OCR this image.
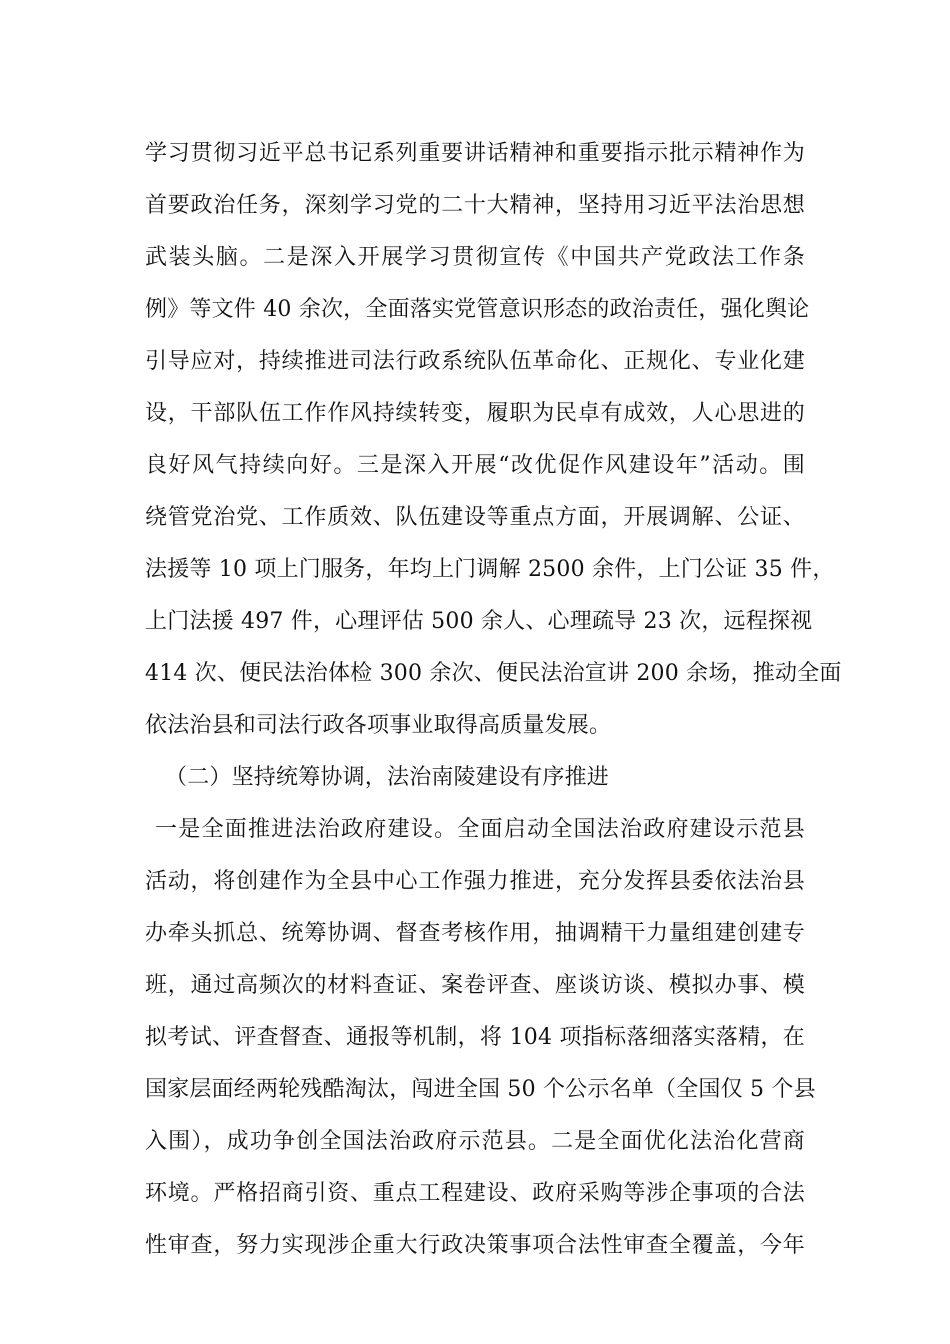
学习贯彻习近平总书记系列重要讲话精神和重要指示批示精神作为
首要政治任务，深刻学习党的二十大精神，坚持用习近平法治思想
武装头脑。二是深入开展学习贯彻宣传《中国共产党政法工作条
例》等文件 40 余次，全面落实党管意识形态的政治责任，强化舆论
引导应对，持续推进司法行政系统队伍革命化、正规化、专业化建
设，干部队伍工作作风持续转变，履职为民卓有成效，人心思进的
良好风气持续向好。三是深入开展“改优促作风建设年”活动。围
绕管党治党、工作质效、队伍建设等重点方面，开展调解、公证、
法援等 10 项上门服务，年均上门调解 2500 余件，上门公证 35 件，
上门法援 497 件，心理评估 500 余人、心理疏导 23 次，远程探视
414 次、便民法治体检 300 余次、便民法治宣讲 200 余场，推动全面
依法治县和司法行政各项事业取得高质量发展。
（二）坚持统筹协调，法治南陵建设有序推进
一是全面推进法治政府建设。全面启动全国法治政府建设示范县
活动，将创建作为全县中心工作强力推进，充分发挥县委依法治县
办牵头抓总、统筹协调、督查考核作用，抽调精干力量组建创建专
班，通过高频次的材料查证、案卷评查、座谈访谈、模拟办事、模
拟考试、评查督查、通报等机制，将 104 项指标落细落实落精，在
国家层面经两轮残酷淘汰，闯进全国 50 个公示名单（全国仅 5 个县
入围），成功争创全国法治政府示范县。二是全面优化法治化营商
环境。严格招商引资、重点工程建设、政府采购等涉企事项的合法
性审查，努力实现涉企重大行政决策事项合法性审查全覆盖，今年
